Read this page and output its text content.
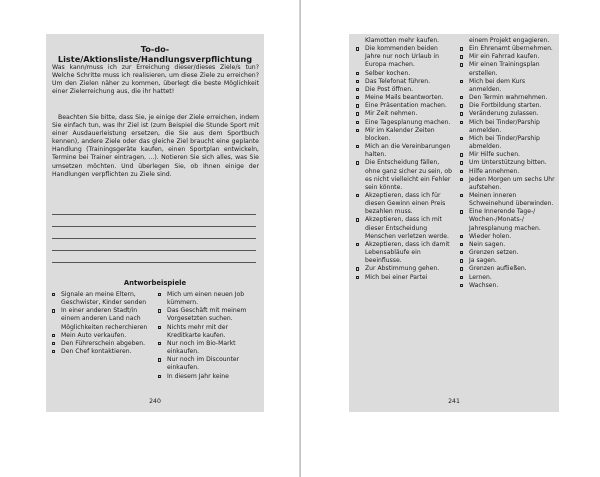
To-do-Liste/Aktionsliste/Handlungsverpflichtung

Was kann/muss ich zur Erreichung dieser/dieses Ziele/s tun? Welche Schritte muss ich realisieren, um diese Ziele zu erreichen? Um den Zielen näher zu kommen, überlegt die beste Möglichkeit einer Zielerreichung aus, die ihr hattet!

Beachten Sie bitte, dass Sie, je einige der Ziele erreichen, indem Sie einfach tun, was Ihr Ziel ist (zum Beispiel die Stunde Sport mit einer Ausdauerleistung ersetzen, die Sie aus dem Sportbuch kennen), andere Ziele oder das gleiche Ziel braucht eine geplante Handlung (Trainingsgeräte kaufen, einen Sportplan entwickeln, Termine bei Trainer eintragen, ...). Notieren Sie sich alles, was Sie umsetzen möchten. Und überlegen Sie, ob Ihnen einige der Handlungen verpflichten zu Ziele sind.

Antworbeispiele
Signale an meine Eltern, Geschwister, Kinder senden
In einer anderen Stadt/in einem anderen Land nach Möglichkeiten recherchieren
Mein Auto verkaufen.
Den Führerschein abgeben.
Den Chef kontaktieren.
Mich um einen neuen Job kümmern.
Das Geschäft mit meinem Vorgesetzten suchen.
Nichts mehr mit der Kreditkarte kaufen.
Nur noch im Bio-Markt einkaufen.
Nur noch im Discounter einkaufen.
In diesem Jahr keine
240
Klamotten mehr kaufen.
Die kommenden beiden Jahre nur noch Urlaub in Europa machen.
Selber kochen.
Das Telefonat führen.
Die Post öffnen.
Meine Mails beantworten.
Eine Präsentation machen.
Mir Zeit nehmen.
Eine Tagesplanung machen.
Mir im Kalender Zeiten blocken.
Mich an die Vereinbarungen halten.
Die Entscheidung fällen, ohne ganz sicher zu sein, ob es nicht vielleicht ein Fehler sein könnte.
Akzeptieren, dass ich für diesen Gewinn einen Preis bezahlen muss.
Akzeptieren, dass ich mit dieser Entscheidung Menschen verletzen werde.
Akzeptieren, dass ich damit Lebensabläufe ein beeinflusse.
Zur Abstimmung gehen.
Mich bei einer Partei
einem Projekt engagieren.
Ein Ehrenamt übernehmen.
Mir ein Fahrrad kaufen.
Mir einen Trainingsplan erstellen.
Mich bei dem Kurs anmelden.
Den Termin wahrnehmen.
Die Fortbildung starten.
Veränderung zulassen.
Mich bei Tinder/Parship anmelden.
Mich bei Tinder/Parship abmelden.
Mir Hilfe suchen.
Um Unterstützung bitten.
Hilfe annehmen.
Jeden Morgen um sechs Uhr aufstehen.
Meinen inneren Schweinehund überwinden.
Eine Innerende Tage-/ Wochen-/Monats-/ Jahresplanung machen.
Wieder holen.
Nein sagen.
Grenzen setzen.
Ja sagen.
Grenzen aufließen.
Lernen.
Wachsen.
241
